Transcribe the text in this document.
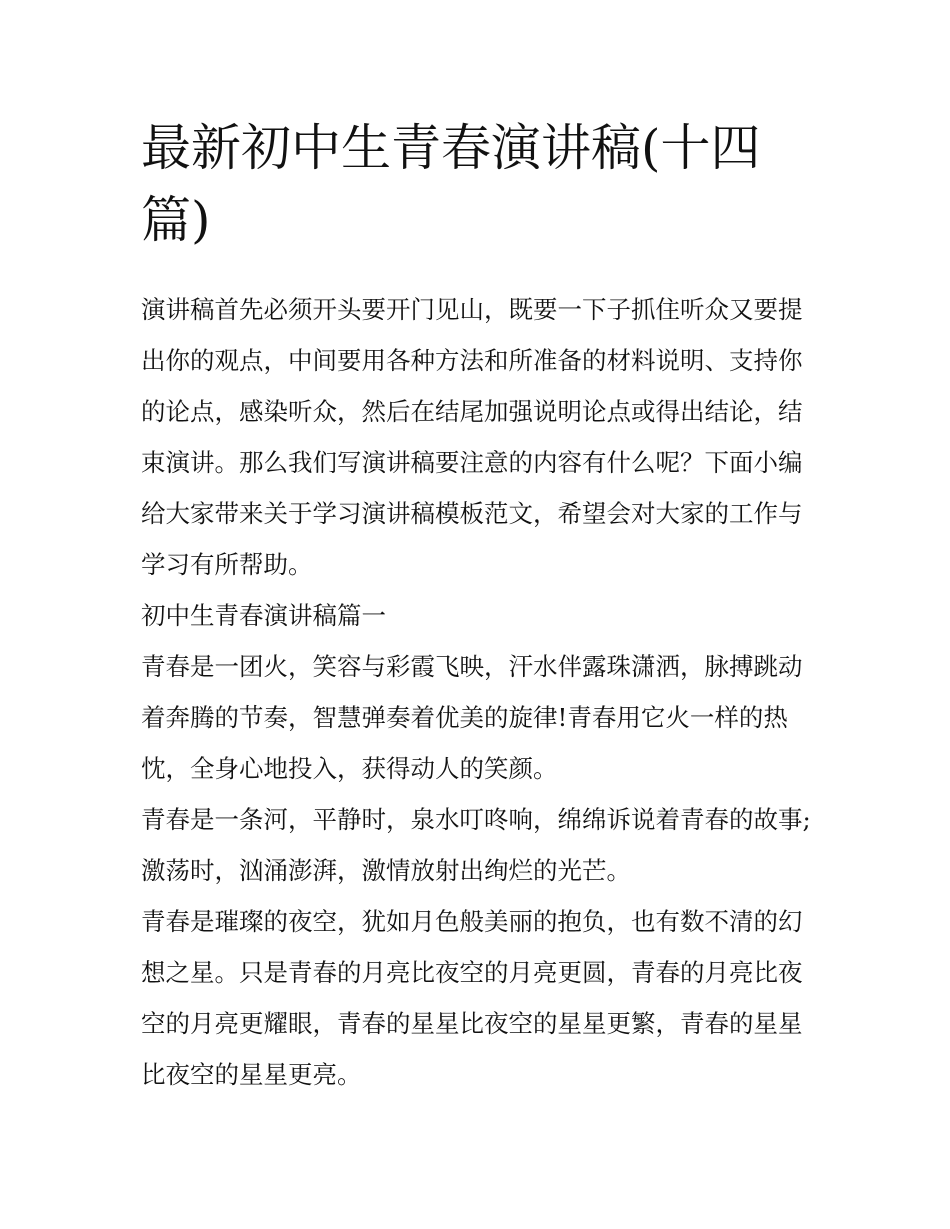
最新初中生青春演讲稿(十四篇)

演讲稿首先必须开头要开门见山，既要一下子抓住听众又要提出你的观点，中间要用各种方法和所准备的材料说明、支持你的论点，感染听众，然后在结尾加强说明论点或得出结论，结束演讲。那么我们写演讲稿要注意的内容有什么呢？下面小编给大家带来关于学习演讲稿模板范文，希望会对大家的工作与学习有所帮助。

初中生青春演讲稿篇一

青春是一团火，笑容与彩霞飞映，汗水伴露珠潇洒，脉搏跳动着奔腾的节奏，智慧弹奏着优美的旋律!青春用它火一样的热忱，全身心地投入，获得动人的笑颜。

青春是一条河，平静时，泉水叮咚响，绵绵诉说着青春的故事;激荡时，汹涌澎湃，激情放射出绚烂的光芒。

青春是璀璨的夜空，犹如月色般美丽的抱负，也有数不清的幻想之星。只是青春的月亮比夜空的月亮更圆，青春的月亮比夜空的月亮更耀眼，青春的星星比夜空的星星更繁，青春的星星比夜空的星星更亮。
